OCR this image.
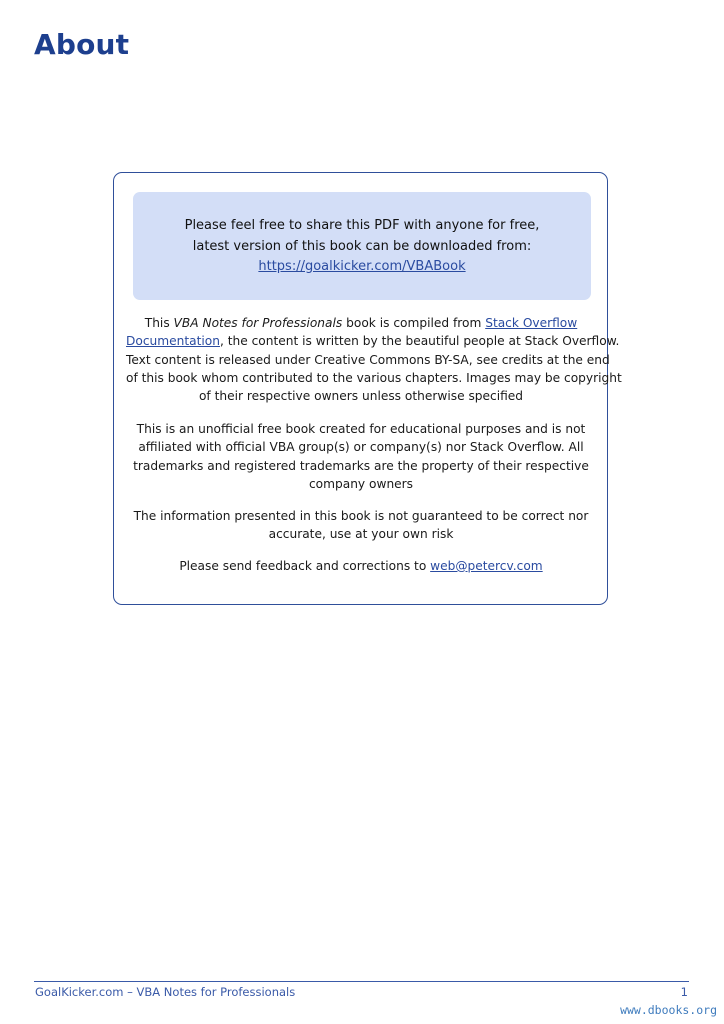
About
Please feel free to share this PDF with anyone for free,
latest version of this book can be downloaded from:
https://goalkicker.com/VBABook
This VBA Notes for Professionals book is compiled from Stack Overflow
Documentation, the content is written by the beautiful people at Stack Overflow.
Text content is released under Creative Commons BY-SA, see credits at the end
of this book whom contributed to the various chapters. Images may be copyright
of their respective owners unless otherwise specified
This is an unofficial free book created for educational purposes and is not
affiliated with official VBA group(s) or company(s) nor Stack Overflow. All
trademarks and registered trademarks are the property of their respective
company owners
The information presented in this book is not guaranteed to be correct nor
accurate, use at your own risk
Please send feedback and corrections to web@petercv.com
GoalKicker.com – VBA Notes for Professionals	1
www.dbooks.org
